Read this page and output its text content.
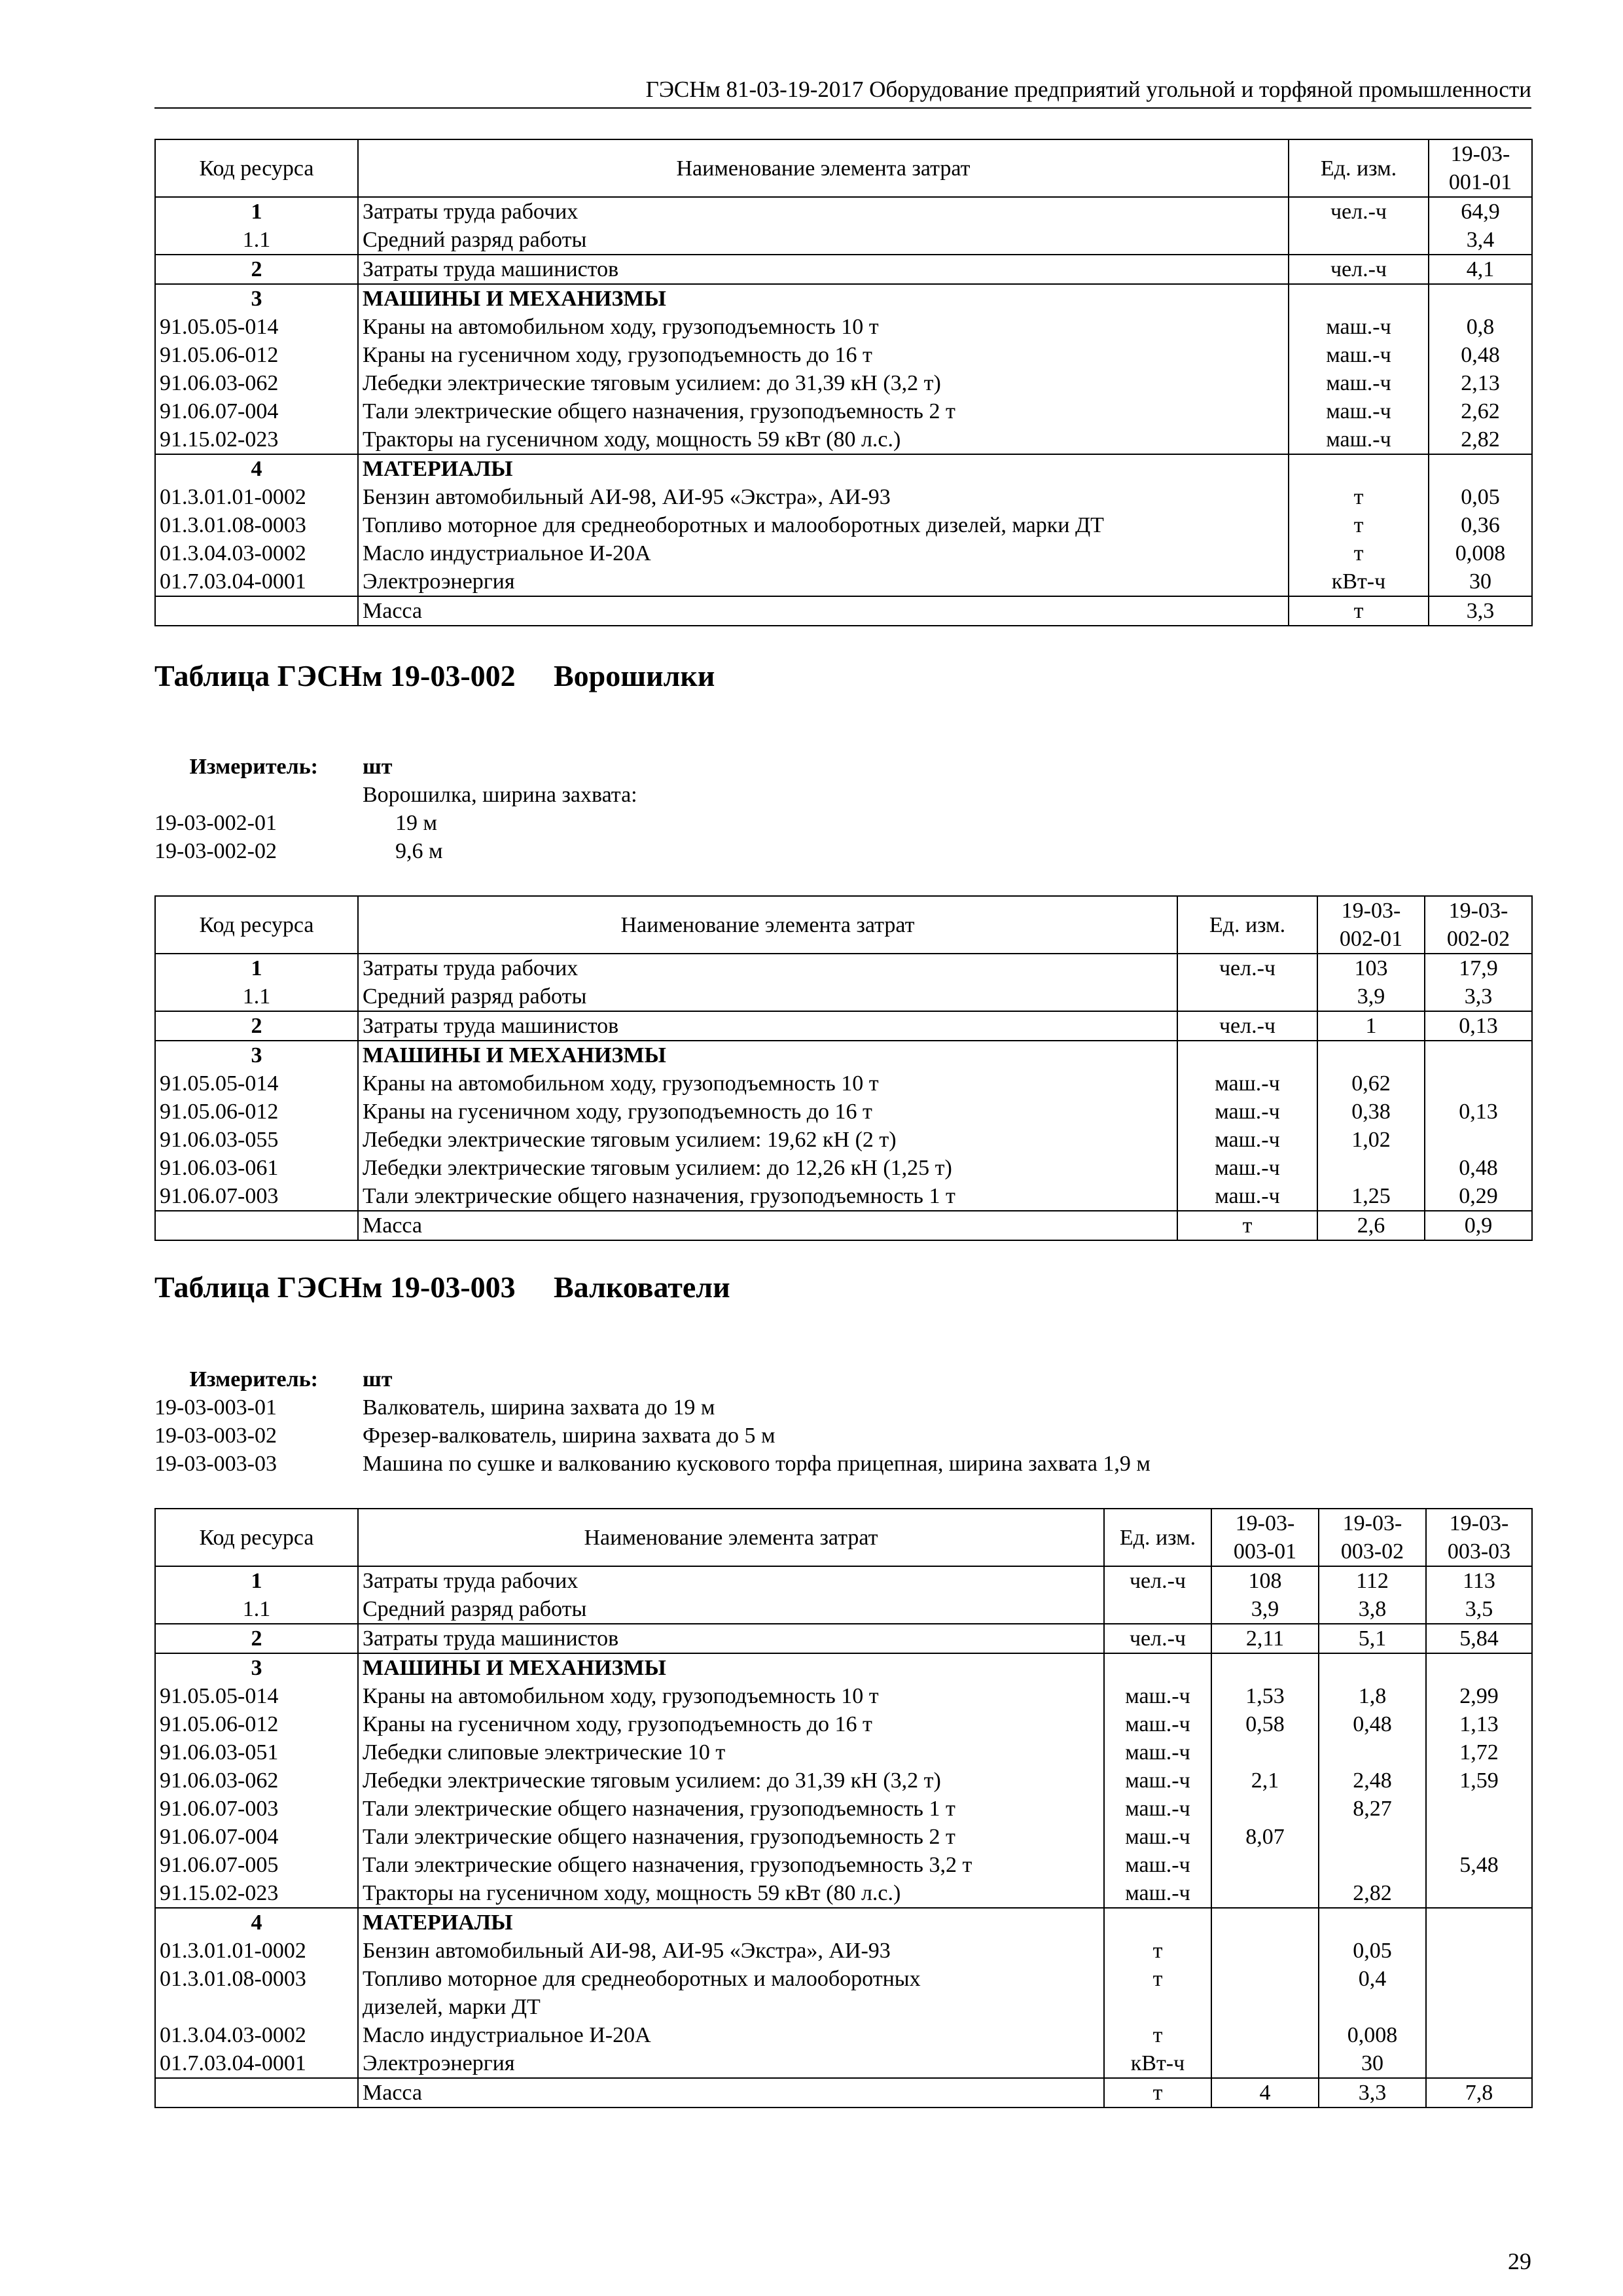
ГЭСНм 81-03-19-2017 Оборудование предприятий угольной и торфяной промышленности
Код ресурса	Наименование элемента затрат	Ед. изм.	19-03-001-01
1	Затраты труда рабочих	чел.-ч	64,9
1.1	Средний разряд работы		3,4
2	Затраты труда машинистов	чел.-ч	4,1
3	МАШИНЫ И МЕХАНИЗМЫ		
91.05.05-014	Краны на автомобильном ходу, грузоподъемность 10 т	маш.-ч	0,8
91.05.06-012	Краны на гусеничном ходу, грузоподъемность до 16 т	маш.-ч	0,48
91.06.03-062	Лебедки электрические тяговым усилием: до 31,39 кН (3,2 т)	маш.-ч	2,13
91.06.07-004	Тали электрические общего назначения, грузоподъемность 2 т	маш.-ч	2,62
91.15.02-023	Тракторы на гусеничном ходу, мощность 59 кВт (80 л.с.)	маш.-ч	2,82
4	МАТЕРИАЛЫ		
01.3.01.01-0002	Бензин автомобильный АИ-98, АИ-95 «Экстра», АИ-93	т	0,05
01.3.01.08-0003	Топливо моторное для среднеоборотных и малооборотных дизелей, марки ДТ	т	0,36
01.3.04.03-0002	Масло индустриальное И-20А	т	0,008
01.7.03.04-0001	Электроэнергия	кВт-ч	30
	Масса	т	3,3
Таблица ГЭСНм 19-03-002 Ворошилки
Измеритель:	шт
Ворошилка, ширина захвата:
19-03-002-01	19 м
19-03-002-02	9,6 м
Код ресурса	Наименование элемента затрат	Ед. изм.	19-03-002-01	19-03-002-02
1	Затраты труда рабочих	чел.-ч	103	17,9
1.1	Средний разряд работы		3,9	3,3
2	Затраты труда машинистов	чел.-ч	1	0,13
3	МАШИНЫ И МЕХАНИЗМЫ			
91.05.05-014	Краны на автомобильном ходу, грузоподъемность 10 т	маш.-ч	0,62	
91.05.06-012	Краны на гусеничном ходу, грузоподъемность до 16 т	маш.-ч	0,38	0,13
91.06.03-055	Лебедки электрические тяговым усилием: 19,62 кН (2 т)	маш.-ч	1,02	
91.06.03-061	Лебедки электрические тяговым усилием: до 12,26 кН (1,25 т)	маш.-ч		0,48
91.06.07-003	Тали электрические общего назначения, грузоподъемность 1 т	маш.-ч	1,25	0,29
	Масса	т	2,6	0,9
Таблица ГЭСНм 19-03-003 Валкователи
Измеритель:	шт
19-03-003-01	Валкователь, ширина захвата до 19 м
19-03-003-02	Фрезер-валкователь, ширина захвата до 5 м
19-03-003-03	Машина по сушке и валкованию кускового торфа прицепная, ширина захвата 1,9 м
Код ресурса	Наименование элемента затрат	Ед. изм.	19-03-003-01	19-03-003-02	19-03-003-03
1	Затраты труда рабочих	чел.-ч	108	112	113
1.1	Средний разряд работы		3,9	3,8	3,5
2	Затраты труда машинистов	чел.-ч	2,11	5,1	5,84
3	МАШИНЫ И МЕХАНИЗМЫ				
91.05.05-014	Краны на автомобильном ходу, грузоподъемность 10 т	маш.-ч	1,53	1,8	2,99
91.05.06-012	Краны на гусеничном ходу, грузоподъемность до 16 т	маш.-ч	0,58	0,48	1,13
91.06.03-051	Лебедки слиповые электрические 10 т	маш.-ч			1,72
91.06.03-062	Лебедки электрические тяговым усилием: до 31,39 кН (3,2 т)	маш.-ч	2,1	2,48	1,59
91.06.07-003	Тали электрические общего назначения, грузоподъемность 1 т	маш.-ч		8,27	
91.06.07-004	Тали электрические общего назначения, грузоподъемность 2 т	маш.-ч	8,07		
91.06.07-005	Тали электрические общего назначения, грузоподъемность 3,2 т	маш.-ч			5,48
91.15.02-023	Тракторы на гусеничном ходу, мощность 59 кВт (80 л.с.)	маш.-ч		2,82	
4	МАТЕРИАЛЫ				
01.3.01.01-0002	Бензин автомобильный АИ-98, АИ-95 «Экстра», АИ-93	т		0,05	
01.3.01.08-0003	Топливо моторное для среднеоборотных и малооборотных	т		0,4	
	дизелей, марки ДТ				
01.3.04.03-0002	Масло индустриальное И-20А	т		0,008	
01.7.03.04-0001	Электроэнергия	кВт-ч		30	
	Масса	т	4	3,3	7,8
29
